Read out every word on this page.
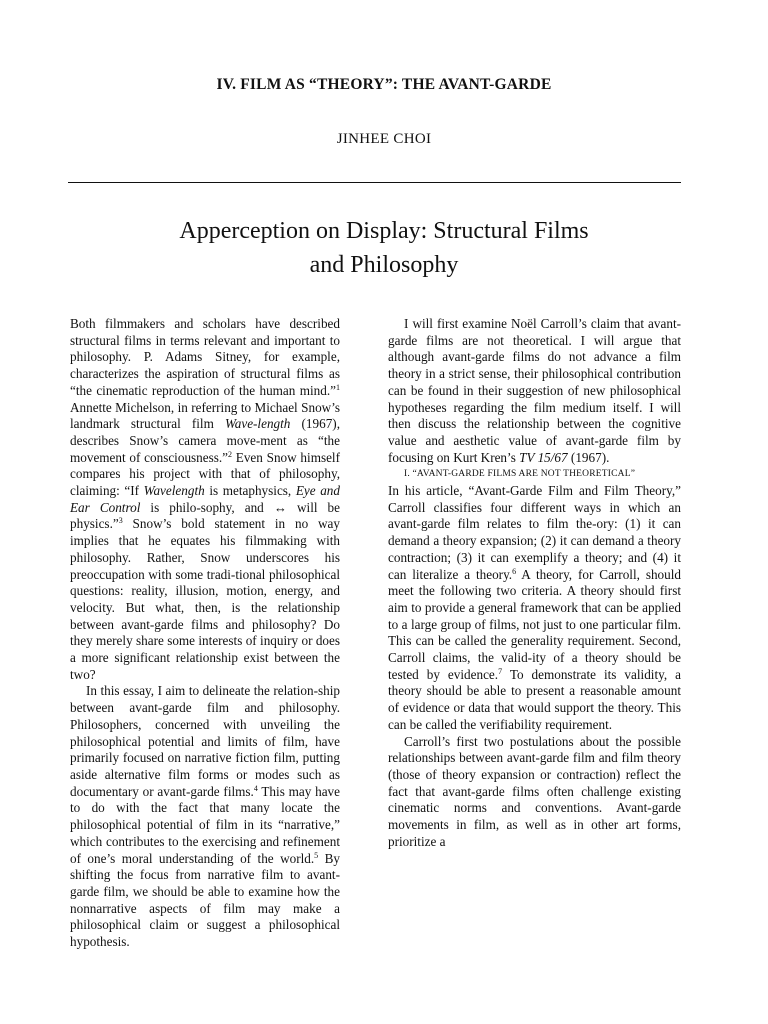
IV. FILM AS “THEORY”: THE AVANT-GARDE
JINHEE CHOI
Apperception on Display: Structural Films
and Philosophy

Both filmmakers and scholars have described structural films in terms relevant and important to philosophy. P. Adams Sitney, for example, characterizes the aspiration of structural films as “the cinematic reproduction of the human mind.”$^1$ Annette Michelson, in referring to Michael Snow’s landmark structural film Wave-length (1967), describes Snow’s camera move-ment as “the movement of consciousness.”$^2$ Even Snow himself compares his project with that of philosophy, claiming: “If Wavelength is metaphysics, Eye and Ear Control is philo-sophy, and ↔ will be physics.”$^3$ Snow’s bold statement in no way implies that he equates his filmmaking with philosophy. Rather, Snow underscores his preoccupation with some tradi-tional philosophical questions: reality, illusion, motion, energy, and velocity. But what, then, is the relationship between avant-garde films and philosophy? Do they merely share some interests of inquiry or does a more significant relationship exist between the two?

In this essay, I aim to delineate the relation-ship between avant-garde film and philosophy. Philosophers, concerned with unveiling the philosophical potential and limits of film, have primarily focused on narrative fiction film, putting aside alternative film forms or modes such as documentary or avant-garde films.$^4$ This may have to do with the fact that many locate the philosophical potential of film in its “narrative,” which contributes to the exercising and refinement of one’s moral understanding of the world.$^5$ By shifting the focus from narrative film to avant-garde film, we should be able to examine how the nonnarrative aspects of film may make a philosophical claim or suggest a philosophical hypothesis.

I will first examine Noël Carroll’s claim that avant-garde films are not theoretical. I will argue that although avant-garde films do not advance a film theory in a strict sense, their philosophical contribution can be found in their suggestion of new philosophical hypotheses regarding the film medium itself. I will then discuss the relationship between the cognitive value and aesthetic value of avant-garde film by focusing on Kurt Kren’s TV 15/67 (1967).

I. “AVANT-GARDE FILMS ARE NOT THEORETICAL”

In his article, “Avant-Garde Film and Film Theory,” Carroll classifies four different ways in which an avant-garde film relates to film the-ory: (1) it can demand a theory expansion; (2) it can demand a theory contraction; (3) it can exemplify a theory; and (4) it can literalize a theory.$^6$ A theory, for Carroll, should meet the following two criteria. A theory should first aim to provide a general framework that can be applied to a large group of films, not just to one particular film. This can be called the generality requirement. Second, Carroll claims, the valid-ity of a theory should be tested by evidence.$^7$ To demonstrate its validity, a theory should be able to present a reasonable amount of evidence or data that would support the theory. This can be called the verifiability requirement.

Carroll’s first two postulations about the possible relationships between avant-garde film and film theory (those of theory expansion or contraction) reflect the fact that avant-garde films often challenge existing cinematic norms and conventions. Avant-garde movements in film, as well as in other art forms, prioritize a
